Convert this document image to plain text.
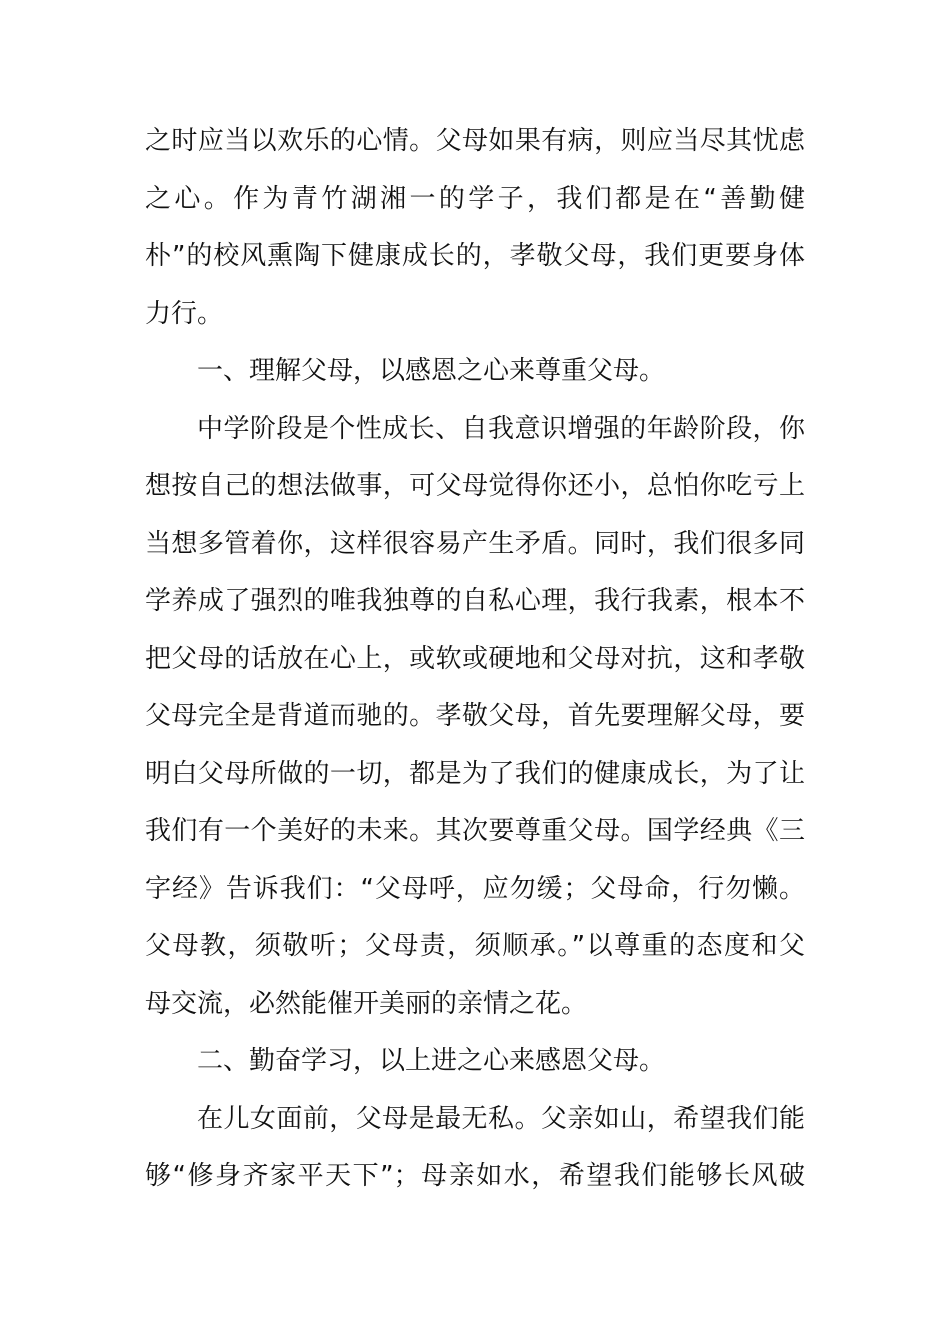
之时应当以欢乐的心情。父母如果有病，则应当尽其忧虑
之心。作为青竹湖湘一的学子，我们都是在“善勤健
朴”的校风熏陶下健康成长的，孝敬父母，我们更要身体
力行。
一、理解父母，以感恩之心来尊重父母。
中学阶段是个性成长、自我意识增强的年龄阶段，你
想按自己的想法做事，可父母觉得你还小，总怕你吃亏上
当想多管着你，这样很容易产生矛盾。同时，我们很多同
学养成了强烈的唯我独尊的自私心理，我行我素，根本不
把父母的话放在心上，或软或硬地和父母对抗，这和孝敬
父母完全是背道而驰的。孝敬父母，首先要理解父母，要
明白父母所做的一切，都是为了我们的健康成长，为了让
我们有一个美好的未来。其次要尊重父母。国学经典《三
字经》告诉我们：“父母呼，应勿缓；父母命，行勿懒。
父母教，须敬听；父母责，须顺承。”以尊重的态度和父
母交流，必然能催开美丽的亲情之花。
二、勤奋学习，以上进之心来感恩父母。
在儿女面前，父母是最无私。父亲如山，希望我们能
够“修身齐家平天下”；母亲如水，希望我们能够长风破
